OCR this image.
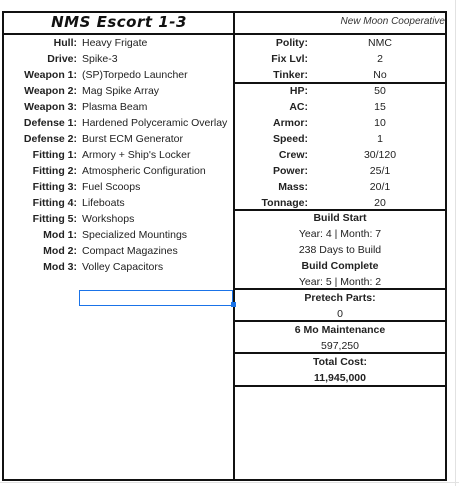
NMS Escort 1-3	New Moon Cooperative
Hull: Heavy Frigate
Drive: Spike-3
Weapon 1: (SP)Torpedo Launcher
Weapon 2: Mag Spike Array
Weapon 3: Plasma Beam
Defense 1: Hardened Polyceramic Overlay
Defense 2: Burst ECM Generator
Fitting 1: Armory + Ship's Locker
Fitting 2: Atmospheric Configuration
Fitting 3: Fuel Scoops
Fitting 4: Lifeboats
Fitting 5: Workshops
Mod 1: Specialized Mountings
Mod 2: Compact Magazines
Mod 3: Volley Capacitors
Polity:	NMC
Fix Lvl:	2
Tinker:	No
HP:	50
AC:	15
Armor:	10
Speed:	1
Crew:	30/120
Power:	25/1
Mass:	20/1
Tonnage:	20
Build Start
Year: 4 | Month: 7
238 Days to Build
Build Complete
Year: 5 | Month: 2
Pretech Parts:
0
6 Mo Maintenance
597,250
Total Cost:
11,945,000
